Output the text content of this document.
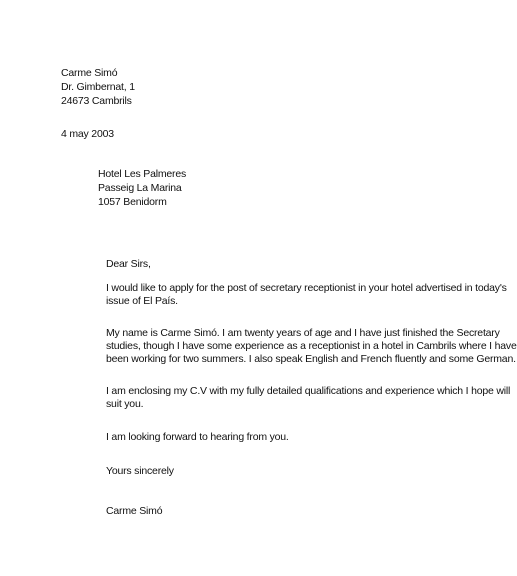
Carme Simó
Dr. Gimbernat, 1
24673 Cambrils
4 may 2003
Hotel Les Palmeres
Passeig La Marina
1057 Benidorm
Dear Sirs,
I would like to apply for the post of secretary receptionist in your hotel advertised in today's
issue of El País.
My name is Carme Simó. I am twenty years of age and I have just finished the Secretary
studies, though I have some experience as a receptionist in a hotel in Cambrils where I have
been working for two summers. I also speak English and French fluently and some German.
I am enclosing my C.V with my fully detailed qualifications and experience which I hope will
suit you.
I am looking forward to hearing from you.
Yours sincerely
Carme Simó
